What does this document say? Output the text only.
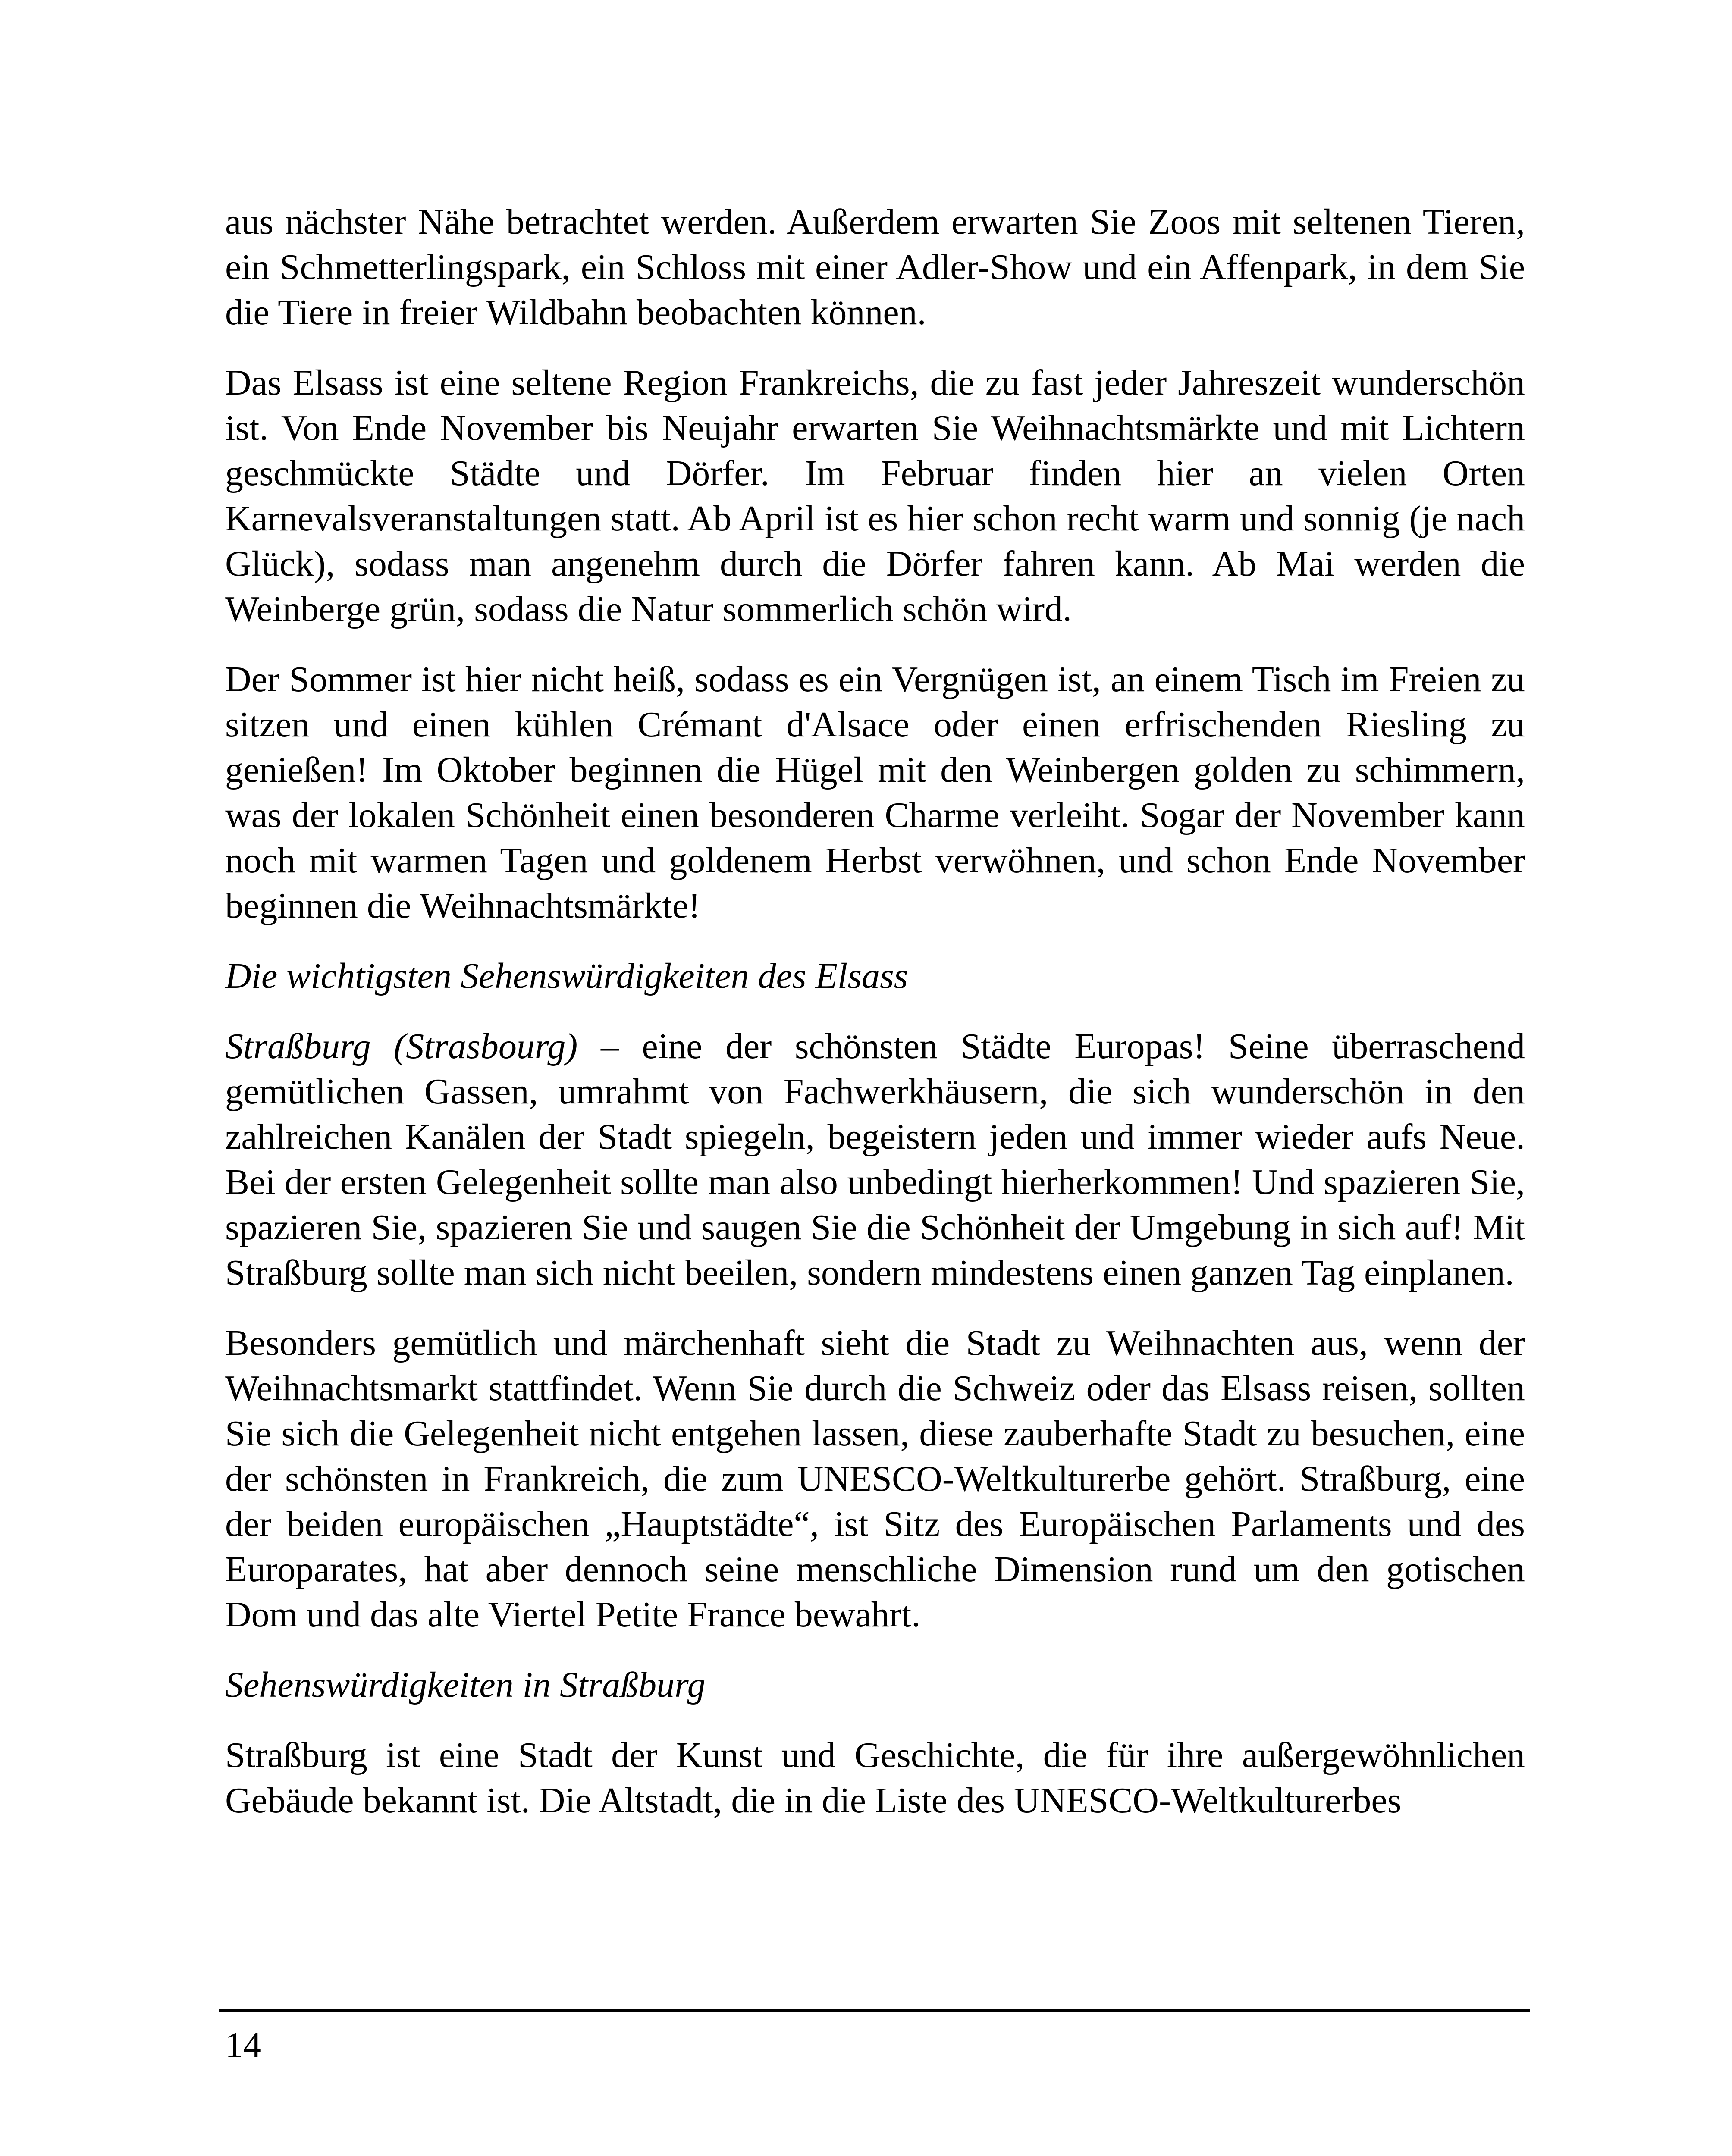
aus nächster Nähe betrachtet werden. Außerdem erwarten Sie Zoos mit seltenen Tieren, ein Schmetterlingspark, ein Schloss mit einer Adler-Show und ein Affenpark, in dem Sie die Tiere in freier Wildbahn beobachten können.

Das Elsass ist eine seltene Region Frankreichs, die zu fast jeder Jahreszeit wunderschön ist. Von Ende November bis Neujahr erwarten Sie Weihnachtsmärkte und mit Lichtern geschmückte Städte und Dörfer. Im Februar finden hier an vielen Orten Karnevalsveranstaltungen statt. Ab April ist es hier schon recht warm und sonnig (je nach Glück), sodass man angenehm durch die Dörfer fahren kann. Ab Mai werden die Weinberge grün, sodass die Natur sommerlich schön wird.

Der Sommer ist hier nicht heiß, sodass es ein Vergnügen ist, an einem Tisch im Freien zu sitzen und einen kühlen Crémant d'Alsace oder einen erfrischenden Riesling zu genießen! Im Oktober beginnen die Hügel mit den Weinbergen golden zu schimmern, was der lokalen Schönheit einen besonderen Charme verleiht. Sogar der November kann noch mit warmen Tagen und goldenem Herbst verwöhnen, und schon Ende November beginnen die Weihnachtsmärkte!

Die wichtigsten Sehenswürdigkeiten des Elsass

Straßburg (Strasbourg) – eine der schönsten Städte Europas! Seine überraschend gemütlichen Gassen, umrahmt von Fachwerkhäusern, die sich wunderschön in den zahlreichen Kanälen der Stadt spiegeln, begeistern jeden und immer wieder aufs Neue. Bei der ersten Gelegenheit sollte man also unbedingt hierherkommen! Und spazieren Sie, spazieren Sie, spazieren Sie und saugen Sie die Schönheit der Umgebung in sich auf! Mit Straßburg sollte man sich nicht beeilen, sondern mindestens einen ganzen Tag einplanen.

Besonders gemütlich und märchenhaft sieht die Stadt zu Weihnachten aus, wenn der Weihnachtsmarkt stattfindet. Wenn Sie durch die Schweiz oder das Elsass reisen, sollten Sie sich die Gelegenheit nicht entgehen lassen, diese zauberhafte Stadt zu besuchen, eine der schönsten in Frankreich, die zum UNESCO-Weltkulturerbe gehört. Straßburg, eine der beiden europäischen „Hauptstädte“, ist Sitz des Europäischen Parlaments und des Europarates, hat aber dennoch seine menschliche Dimension rund um den gotischen Dom und das alte Viertel Petite France bewahrt.

Sehenswürdigkeiten in Straßburg

Straßburg ist eine Stadt der Kunst und Geschichte, die für ihre außergewöhnlichen Gebäude bekannt ist. Die Altstadt, die in die Liste des UNESCO-Weltkulturerbes

14
